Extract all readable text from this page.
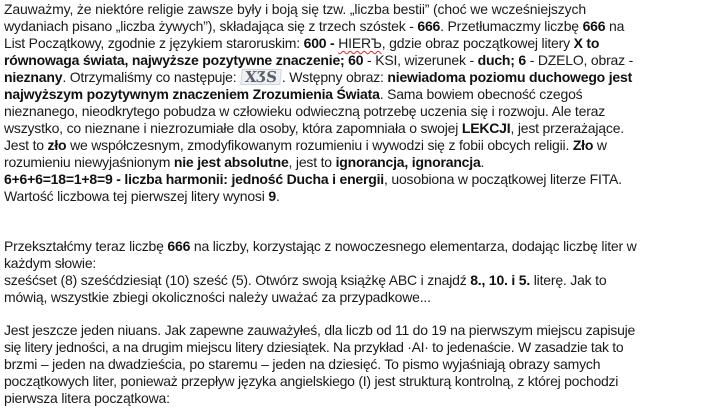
Zauważmy, że niektóre religie zawsze były i boją się tzw. „liczba bestii” (choć we wcześniejszych
wydaniach pisano „liczba żywych”), składająca się z trzech szóstek - 666. Przetłumaczmy liczbę 666 na
List Początkowy, zgodnie z językiem staroruskim: 600 - HIERЪ, gdzie obraz początkowej litery X to
równowaga świata, najwyższe pozytywne znaczenie; 60 - KSI, wizerunek - duch; 6 - DZELO, obraz -
nieznany. Otrzymaliśmy co następuje: XӠS . Wstępny obraz: niewiadoma poziomu duchowego jest
najwyższym pozytywnym znaczeniem Zrozumienia Świata. Sama bowiem obecność czegoś
nieznanego, nieodkrytego pobudza w człowieku odwieczną potrzebę uczenia się i rozwoju. Ale teraz
wszystko, co nieznane i niezrozumiałe dla osoby, która zapomniała o swojej LEKCJI, jest przerażające.
Jest to zło we współczesnym, zmodyfikowanym rozumieniu i wywodzi się z fobii obcych religii. Zło w
rozumieniu niewyjaśnionym nie jest absolutne, jest to ignorancja, ignorancja.
6+6+6=18=1+8=9 - liczba harmonii: jedność Ducha i energii, uosobiona w początkowej literze FITA.
Wartość liczbowa tej pierwszej litery wynosi 9.
Przekształćmy teraz liczbę 666 na liczby, korzystając z nowoczesnego elementarza, dodając liczbę liter w
każdym słowie:
sześćset (8) sześćdziesiąt (10) sześć (5). Otwórz swoją książkę ABC i znajdź 8., 10. i 5. literę. Jak to
mówią, wszystkie zbiegi okoliczności należy uważać za przypadkowe...
Jest jeszcze jeden niuans. Jak zapewne zauważyłeś, dla liczb od 11 do 19 na pierwszym miejscu zapisuje
się litery jedności, a na drugim miejscu litery dziesiątek. Na przykład ·AI· to jedenaście. W zasadzie tak to
brzmi – jeden na dwadzieścia, po staremu – jeden na dziesięć. To pismo wyjaśniają obrazy samych
początkowych liter, ponieważ przepływ języka angielskiego (I) jest strukturą kontrolną, z której pochodzi
pierwsza litera początkowa:
